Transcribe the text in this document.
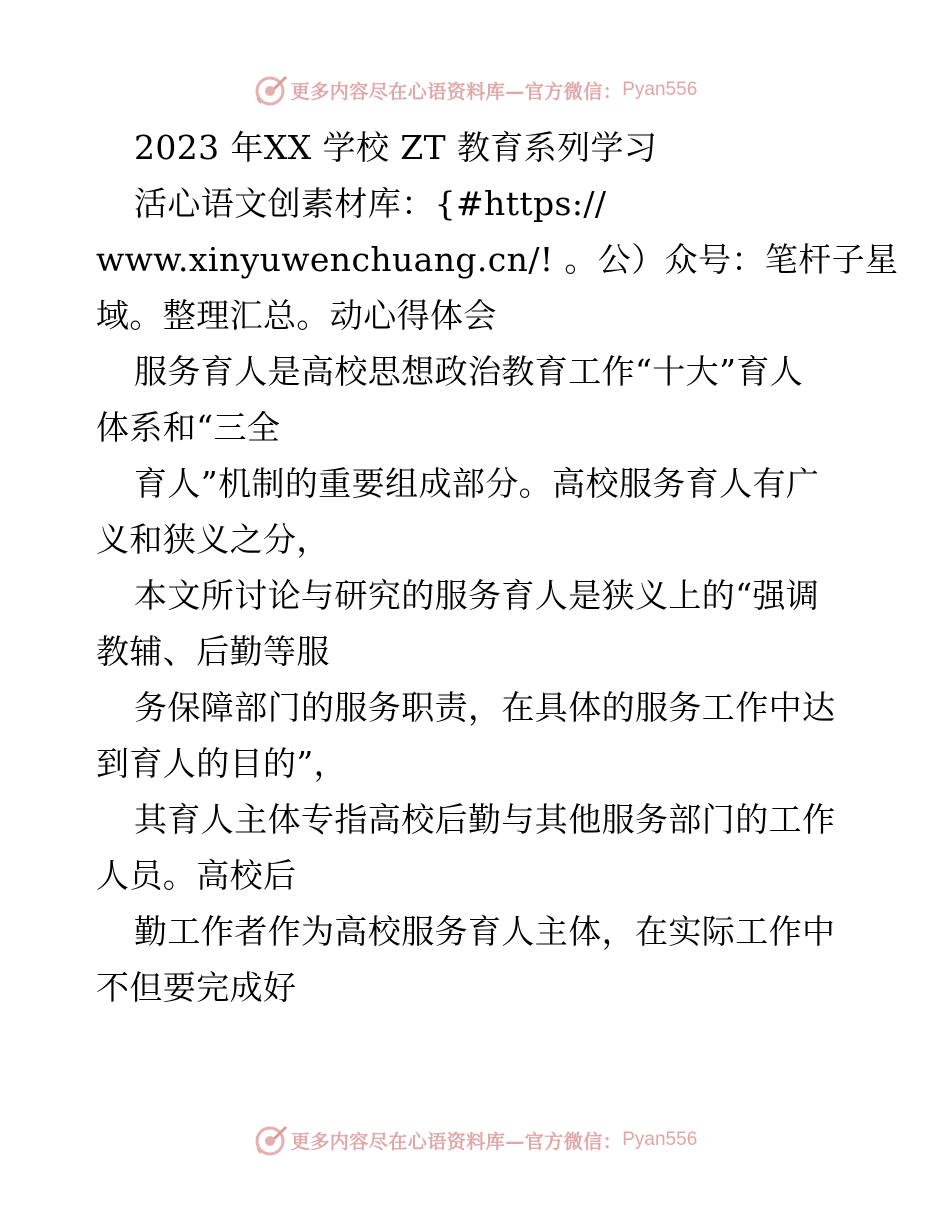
更多内容尽在心语资料库—官方微信： Pyan556
2023 年XX 学校 ZT 教育系列学习
活心语文创素材库：{#https://
www.xinyuwenchuang.cn/! 。公）众号：笔杆子星
域。整理汇总。动心得体会
服务育人是高校思想政治教育工作“十大”育人
体系和“三全
育人”机制的重要组成部分。高校服务育人有广
义和狭义之分，
本文所讨论与研究的服务育人是狭义上的“强调
教辅、后勤等服
务保障部门的服务职责，在具体的服务工作中达
到育人的目的”，
其育人主体专指高校后勤与其他服务部门的工作
人员。高校后
勤工作者作为高校服务育人主体，在实际工作中
不但要完成好
更多内容尽在心语资料库—官方微信： Pyan556
